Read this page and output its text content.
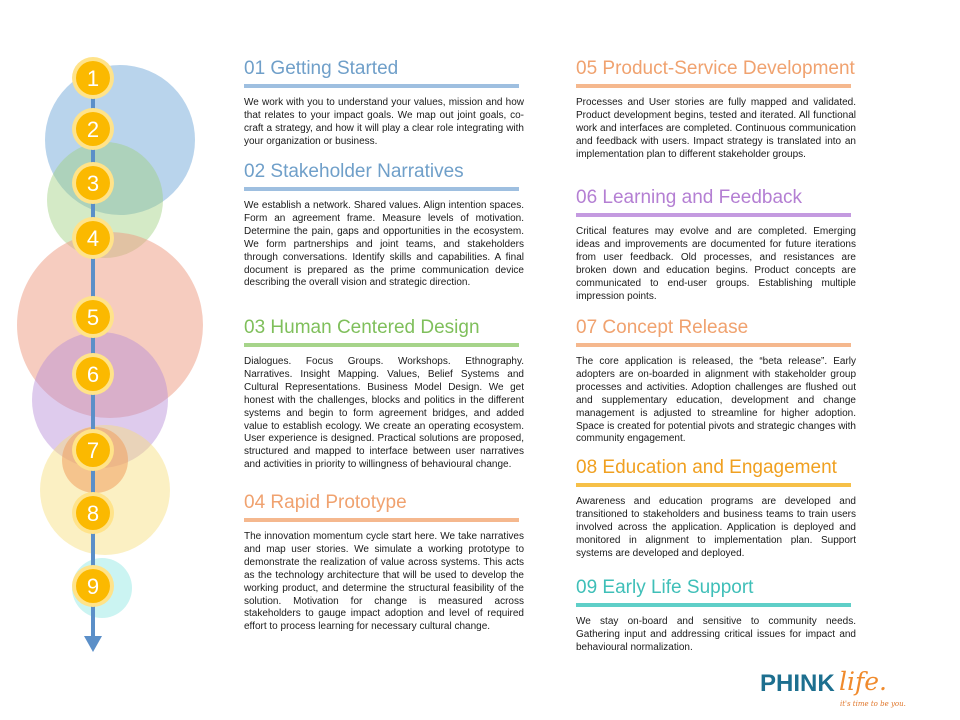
1
2
3
4
5
6
7
8
9
01 Getting Started
We work with you to understand your values, mission and how that relates to your impact goals. We map out joint goals, co-craft a strategy, and how it will play a clear role integrating with your organization or business.
02 Stakeholder Narratives
We establish a network. Shared values. Align intention spaces. Form an agreement frame. Measure levels of motivation. Determine the pain, gaps and opportunities in the ecosystem. We form partnerships and joint teams, and stakeholders through conversations. Identify skills and capabilities. A final document is prepared as the prime communication device describing the overall vision and strategic direction.
03 Human Centered Design
Dialogues. Focus Groups. Workshops. Ethnography. Narratives. Insight Mapping. Values, Belief Systems and Cultural Representations. Business Model Design. We get honest with the challenges, blocks and politics in the different systems and begin to form agreement bridges, and added value to establish ecology. We create an operating ecosystem. User experience is designed. Practical solutions are proposed, structured and mapped to interface between user narratives and activities in priority to willingness of behavioural change.
04 Rapid Prototype
The innovation momentum cycle start here. We take narratives and map user stories. We simulate a working prototype to demonstrate the realization of value across systems. This acts as the technology architecture that will be used to develop the working product, and determine the structural feasibility of the solution. Motivation for change is measured across stakeholders to gauge impact adoption and level of required effort to process learning for necessary cultural change.
05 Product-Service Development
Processes and User stories are fully mapped and validated. Product development begins, tested and iterated. All functional work and interfaces are completed. Continuous communication and feedback with users. Impact strategy is translated into an implementation plan to different stakeholder groups.
06 Learning and Feedback
Critical features may evolve and are completed. Emerging ideas and improvements are documented for future iterations from user feedback. Old processes, and resistances are broken down and education begins. Product concepts are communicated to end-user groups. Establishing multiple impression points.
07 Concept Release
The core application is released, the “beta release”. Early adopters are on-boarded in alignment with stakeholder group processes and activities. Adoption challenges are flushed out and supplementary education, development and change management is adjusted to streamline for higher adoption. Space is created for potential pivots and strategic changes with community engagement.
08 Education and Engagement
Awareness and education programs are developed and transitioned to stakeholders and business teams to train users involved across the application. Application is deployed and monitored in alignment to implementation plan. Support systems are developed and deployed.
09 Early Life Support
We stay on-board and sensitive to community needs. Gathering input and addressing critical issues for impact and behavioural normalization.
PHINK life.
it's time to be you.
